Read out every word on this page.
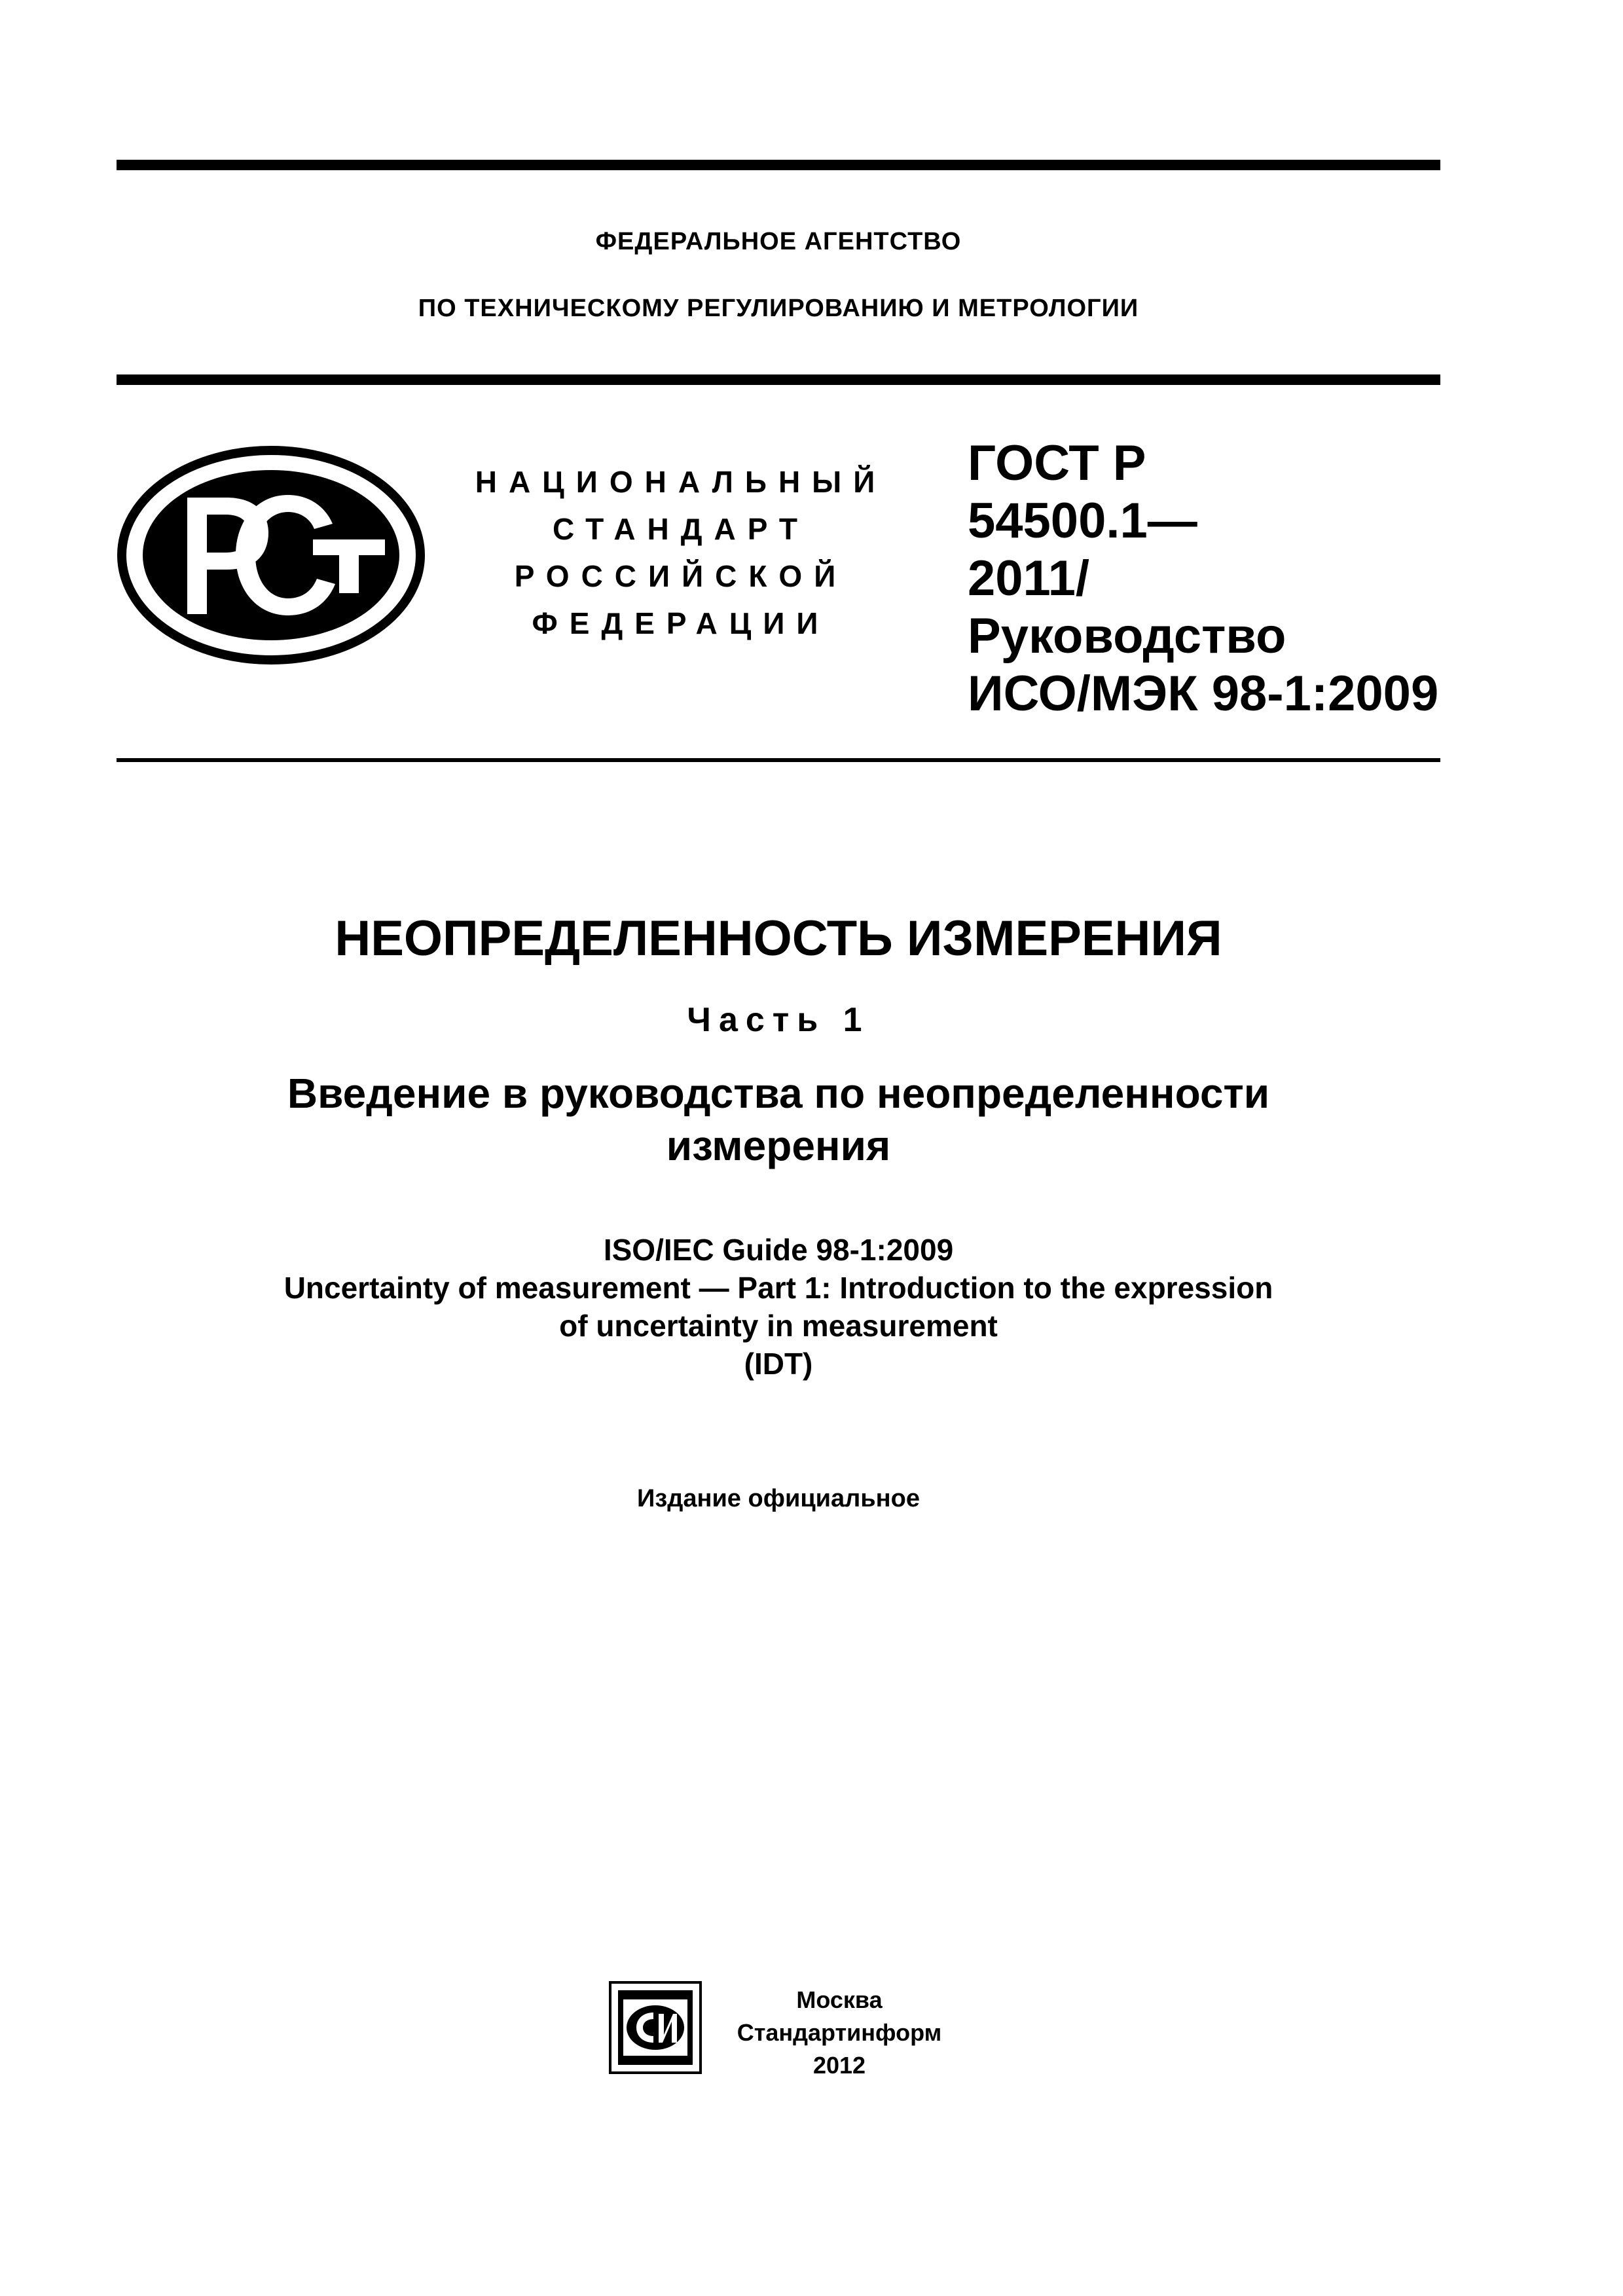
ФЕДЕРАЛЬНОЕ АГЕНТСТВО
ПО ТЕХНИЧЕСКОМУ РЕГУЛИРОВАНИЮ И МЕТРОЛОГИИ
НАЦИОНАЛЬНЫЙ
СТАНДАРТ
РОССИЙСКОЙ
ФЕДЕРАЦИИ
ГОСТ Р
54500.1—
2011/
Руководство
ИСО/МЭК 98-1:2009
НЕОПРЕДЕЛЕННОСТЬ ИЗМЕРЕНИЯ
Часть 1
Введение в руководства по неопределенности
измерения
ISO/IEC Guide 98-1:2009
Uncertainty of measurement — Part 1: Introduction to the expression
of uncertainty in measurement
(IDT)
Издание официальное
Москва
Стандартинформ
2012
